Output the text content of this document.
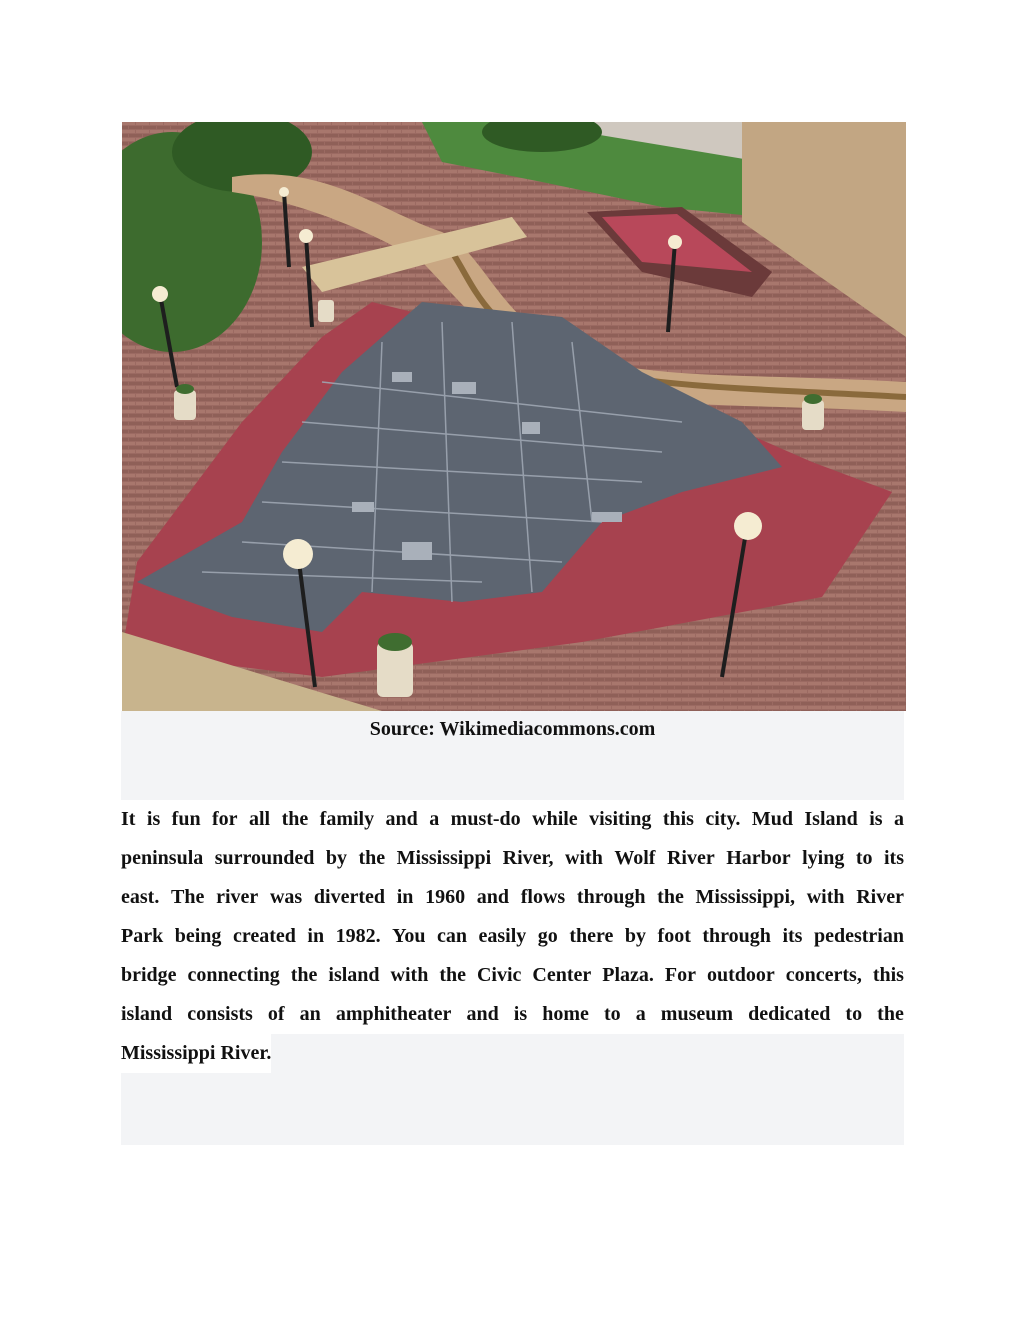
Source: Wikimediacommons.com
It is fun for all the family and a must-do while visiting this city. Mud Island is a
peninsula surrounded by the Mississippi River, with Wolf River Harbor lying to its
east. The river was diverted in 1960 and flows through the Mississippi, with River
Park being created in 1982. You can easily go there by foot through its pedestrian
bridge connecting the island with the Civic Center Plaza. For outdoor concerts, this
island consists of an amphitheater and is home to a museum dedicated to the
Mississippi River.
